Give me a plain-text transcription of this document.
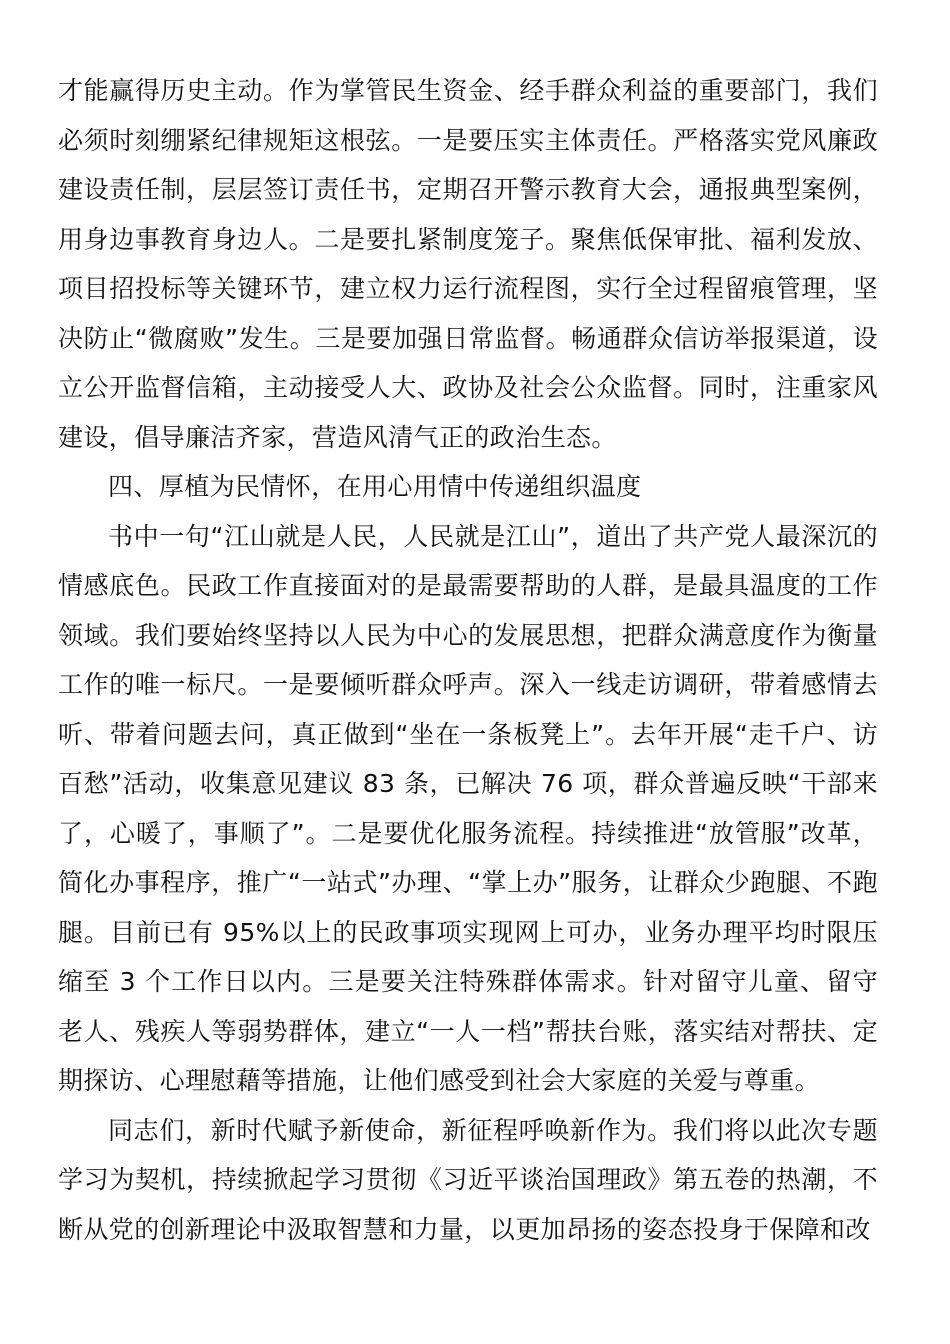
才能赢得历史主动。作为掌管民生资金、经手群众利益的重要部门，我们必须时刻绷紧纪律规矩这根弦。一是要压实主体责任。严格落实党风廉政建设责任制，层层签订责任书，定期召开警示教育大会，通报典型案例，用身边事教育身边人。二是要扎紧制度笼子。聚焦低保审批、福利发放、项目招投标等关键环节，建立权力运行流程图，实行全过程留痕管理，坚决防止“微腐败”发生。三是要加强日常监督。畅通群众信访举报渠道，设立公开监督信箱，主动接受人大、政协及社会公众监督。同时，注重家风建设，倡导廉洁齐家，营造风清气正的政治生态。

四、厚植为民情怀，在用心用情中传递组织温度

书中一句“江山就是人民，人民就是江山”，道出了共产党人最深沉的情感底色。民政工作直接面对的是最需要帮助的人群，是最具温度的工作领域。我们要始终坚持以人民为中心的发展思想，把群众满意度作为衡量工作的唯一标尺。一是要倾听群众呼声。深入一线走访调研，带着感情去听、带着问题去问，真正做到“坐在一条板凳上”。去年开展“走千户、访百愁”活动，收集意见建议 83 条，已解决 76 项，群众普遍反映“干部来了，心暖了，事顺了”。二是要优化服务流程。持续推进“放管服”改革，简化办事程序，推广“一站式”办理、“掌上办”服务，让群众少跑腿、不跑腿。目前已有 95%以上的民政事项实现网上可办，业务办理平均时限压缩至 3 个工作日以内。三是要关注特殊群体需求。针对留守儿童、留守老人、残疾人等弱势群体，建立“一人一档”帮扶台账，落实结对帮扶、定期探访、心理慰藉等措施，让他们感受到社会大家庭的关爱与尊重。

同志们，新时代赋予新使命，新征程呼唤新作为。我们将以此次专题学习为契机，持续掀起学习贯彻《习近平谈治国理政》第五卷的热潮，不断从党的创新理论中汲取智慧和力量，以更加昂扬的姿态投身于保障和改
